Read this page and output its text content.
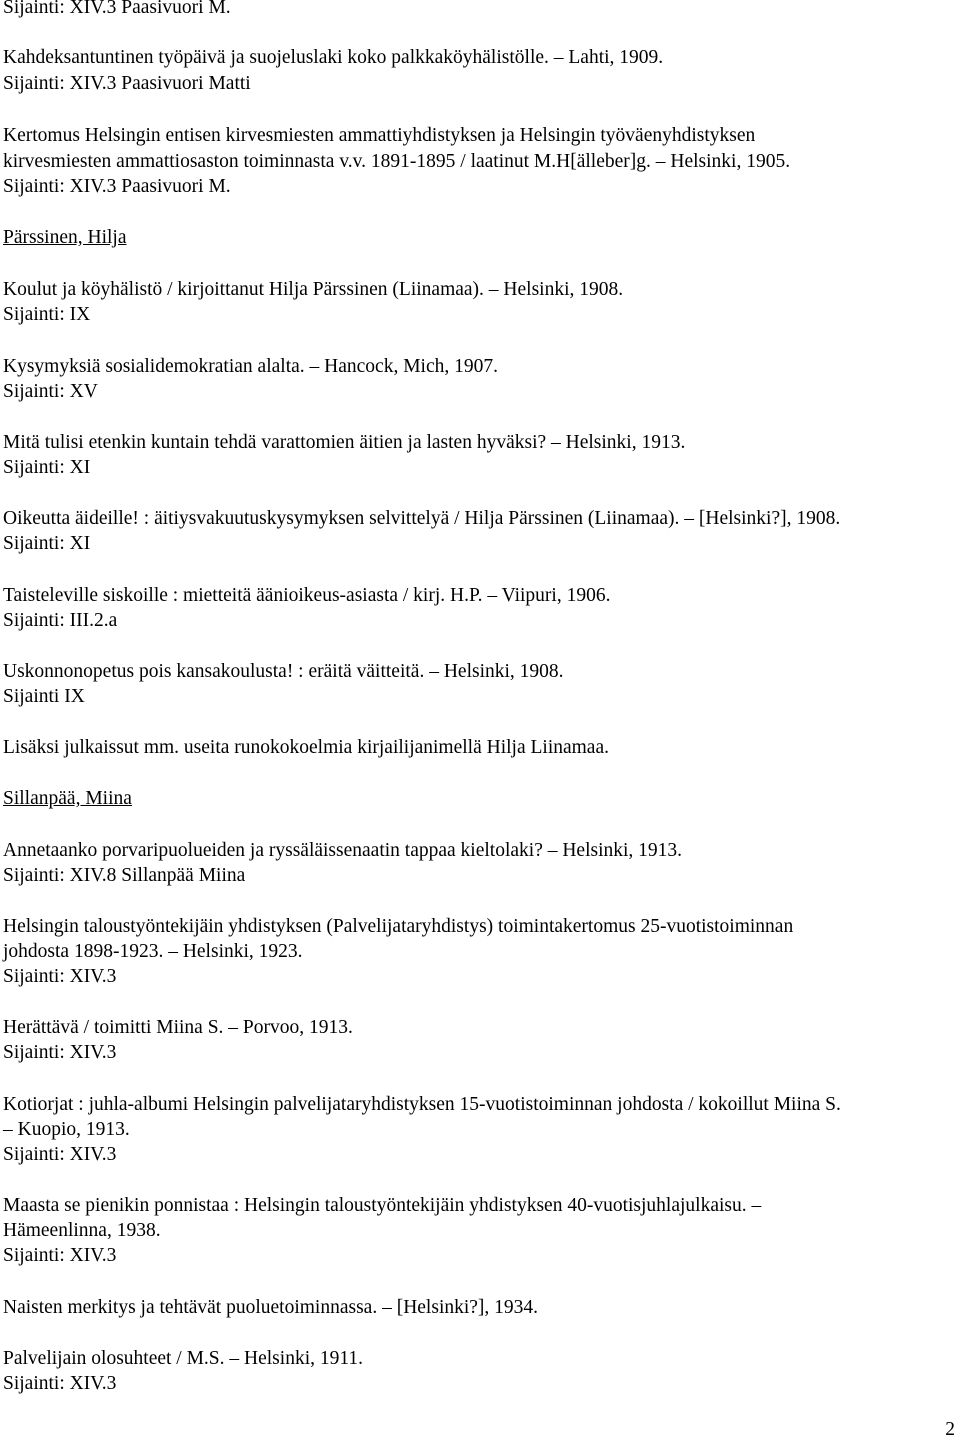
Sijainti: XIV.3 Paasivuori M.

Kahdeksantuntinen työpäivä ja suojeluslaki koko palkkaköyhälistölle. – Lahti, 1909.

Sijainti: XIV.3 Paasivuori Matti

Kertomus Helsingin entisen kirvesmiesten ammattiyhdistyksen ja Helsingin työväenyhdistyksen

kirvesmiesten ammattiosaston toiminnasta v.v. 1891-1895 / laatinut M.H[älleber]g. – Helsinki, 1905.

Sijainti: XIV.3 Paasivuori M.

Pärssinen, Hilja

Koulut ja köyhälistö / kirjoittanut Hilja Pärssinen (Liinamaa). – Helsinki, 1908.

Sijainti: IX

Kysymyksiä sosialidemokratian alalta. – Hancock, Mich, 1907.

Sijainti: XV

Mitä tulisi etenkin kuntain tehdä varattomien äitien ja lasten hyväksi? – Helsinki, 1913.

Sijainti: XI

Oikeutta äideille! : äitiysvakuutuskysymyksen selvittelyä / Hilja Pärssinen (Liinamaa). – [Helsinki?], 1908.

Sijainti: XI

Taisteleville siskoille : mietteitä äänioikeus-asiasta / kirj. H.P. – Viipuri, 1906.

Sijainti: III.2.a

Uskonnonopetus pois kansakoulusta! : eräitä väitteitä. – Helsinki, 1908.

Sijainti IX

Lisäksi julkaissut mm. useita runokokoelmia kirjailijanimellä Hilja Liinamaa.

Sillanpää, Miina

Annetaanko porvaripuolueiden ja ryssäläissenaatin tappaa kieltolaki? – Helsinki, 1913.

Sijainti: XIV.8 Sillanpää Miina

Helsingin taloustyöntekijäin yhdistyksen (Palvelijataryhdistys) toimintakertomus 25-vuotistoiminnan

johdosta 1898-1923. – Helsinki, 1923.

Sijainti: XIV.3

Herättävä / toimitti Miina S. – Porvoo, 1913.

Sijainti: XIV.3

Kotiorjat : juhla-albumi Helsingin palvelijataryhdistyksen 15-vuotistoiminnan johdosta / kokoillut Miina S.

– Kuopio, 1913.

Sijainti: XIV.3

Maasta se pienikin ponnistaa : Helsingin taloustyöntekijäin yhdistyksen 40-vuotisjuhlajulkaisu. –

Hämeenlinna, 1938.

Sijainti: XIV.3

Naisten merkitys ja tehtävät puoluetoiminnassa. – [Helsinki?], 1934.

Palvelijain olosuhteet / M.S. – Helsinki, 1911.

Sijainti: XIV.3

2
